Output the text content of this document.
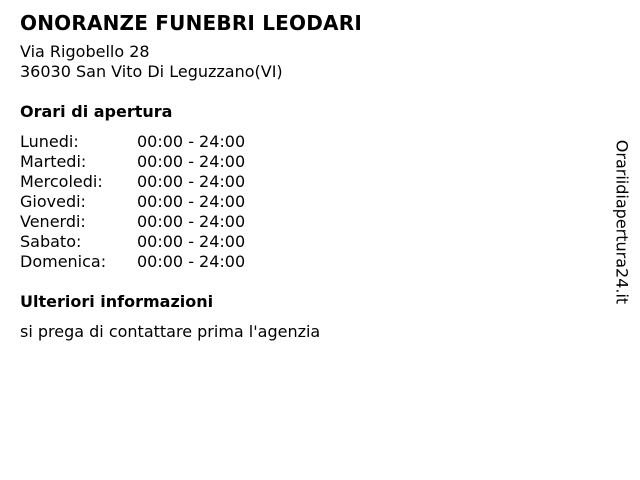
ONORANZE FUNEBRI LEODARI
Via Rigobello 28
36030 San Vito Di Leguzzano(VI)
Orari di apertura
Lunedi:	00:00 - 24:00
Martedi:	00:00 - 24:00
Mercoledi:	00:00 - 24:00
Giovedi:	00:00 - 24:00
Venerdi:	00:00 - 24:00
Sabato:	00:00 - 24:00
Domenica:	00:00 - 24:00
Ulteriori informazioni
si prega di contattare prima l'agenzia
Orariidiapertura24.it
